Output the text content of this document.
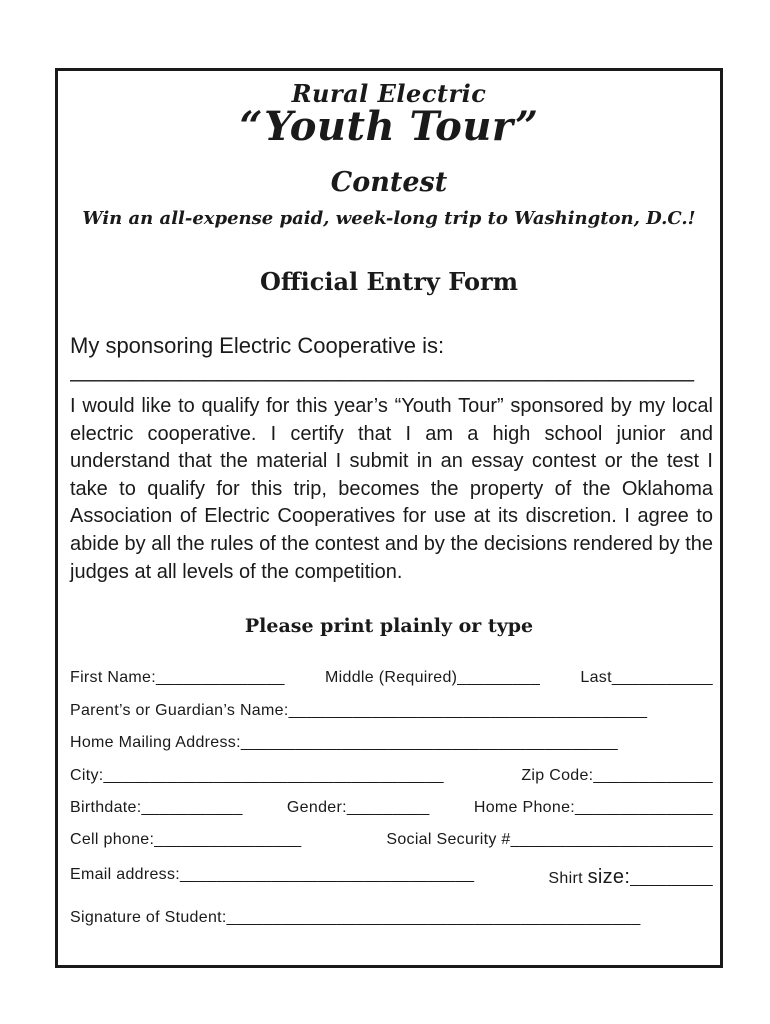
Rural Electric
“Youth Tour”
Contest
Win an all-expense paid, week-long trip to Washington, D.C.!
Official Entry Form
My sponsoring Electric Cooperative is:
___________________________________________________
I would like to qualify for this year’s “Youth Tour” sponsored by my local electric cooperative. I certify that I am a high school junior and understand that the material I submit in an essay contest or the test I take to qualify for this trip, becomes the property of the Oklahoma Association of Electric Cooperatives for use at its discretion. I agree to abide by all the rules of the contest and by the decisions rendered by the judges at all levels of the competition.
Please print plainly or type
First Name:______________	Middle (Required)_________	Last___________
Parent’s or Guardian’s Name:_______________________________________
Home Mailing Address:_________________________________________
City:_____________________________________	Zip Code:_____________
Birthdate:___________	Gender:_________	Home Phone:_______________
Cell phone:________________	Social Security #______________________
Email address:________________________________	Shirt size:_________
Signature of Student:_____________________________________________
